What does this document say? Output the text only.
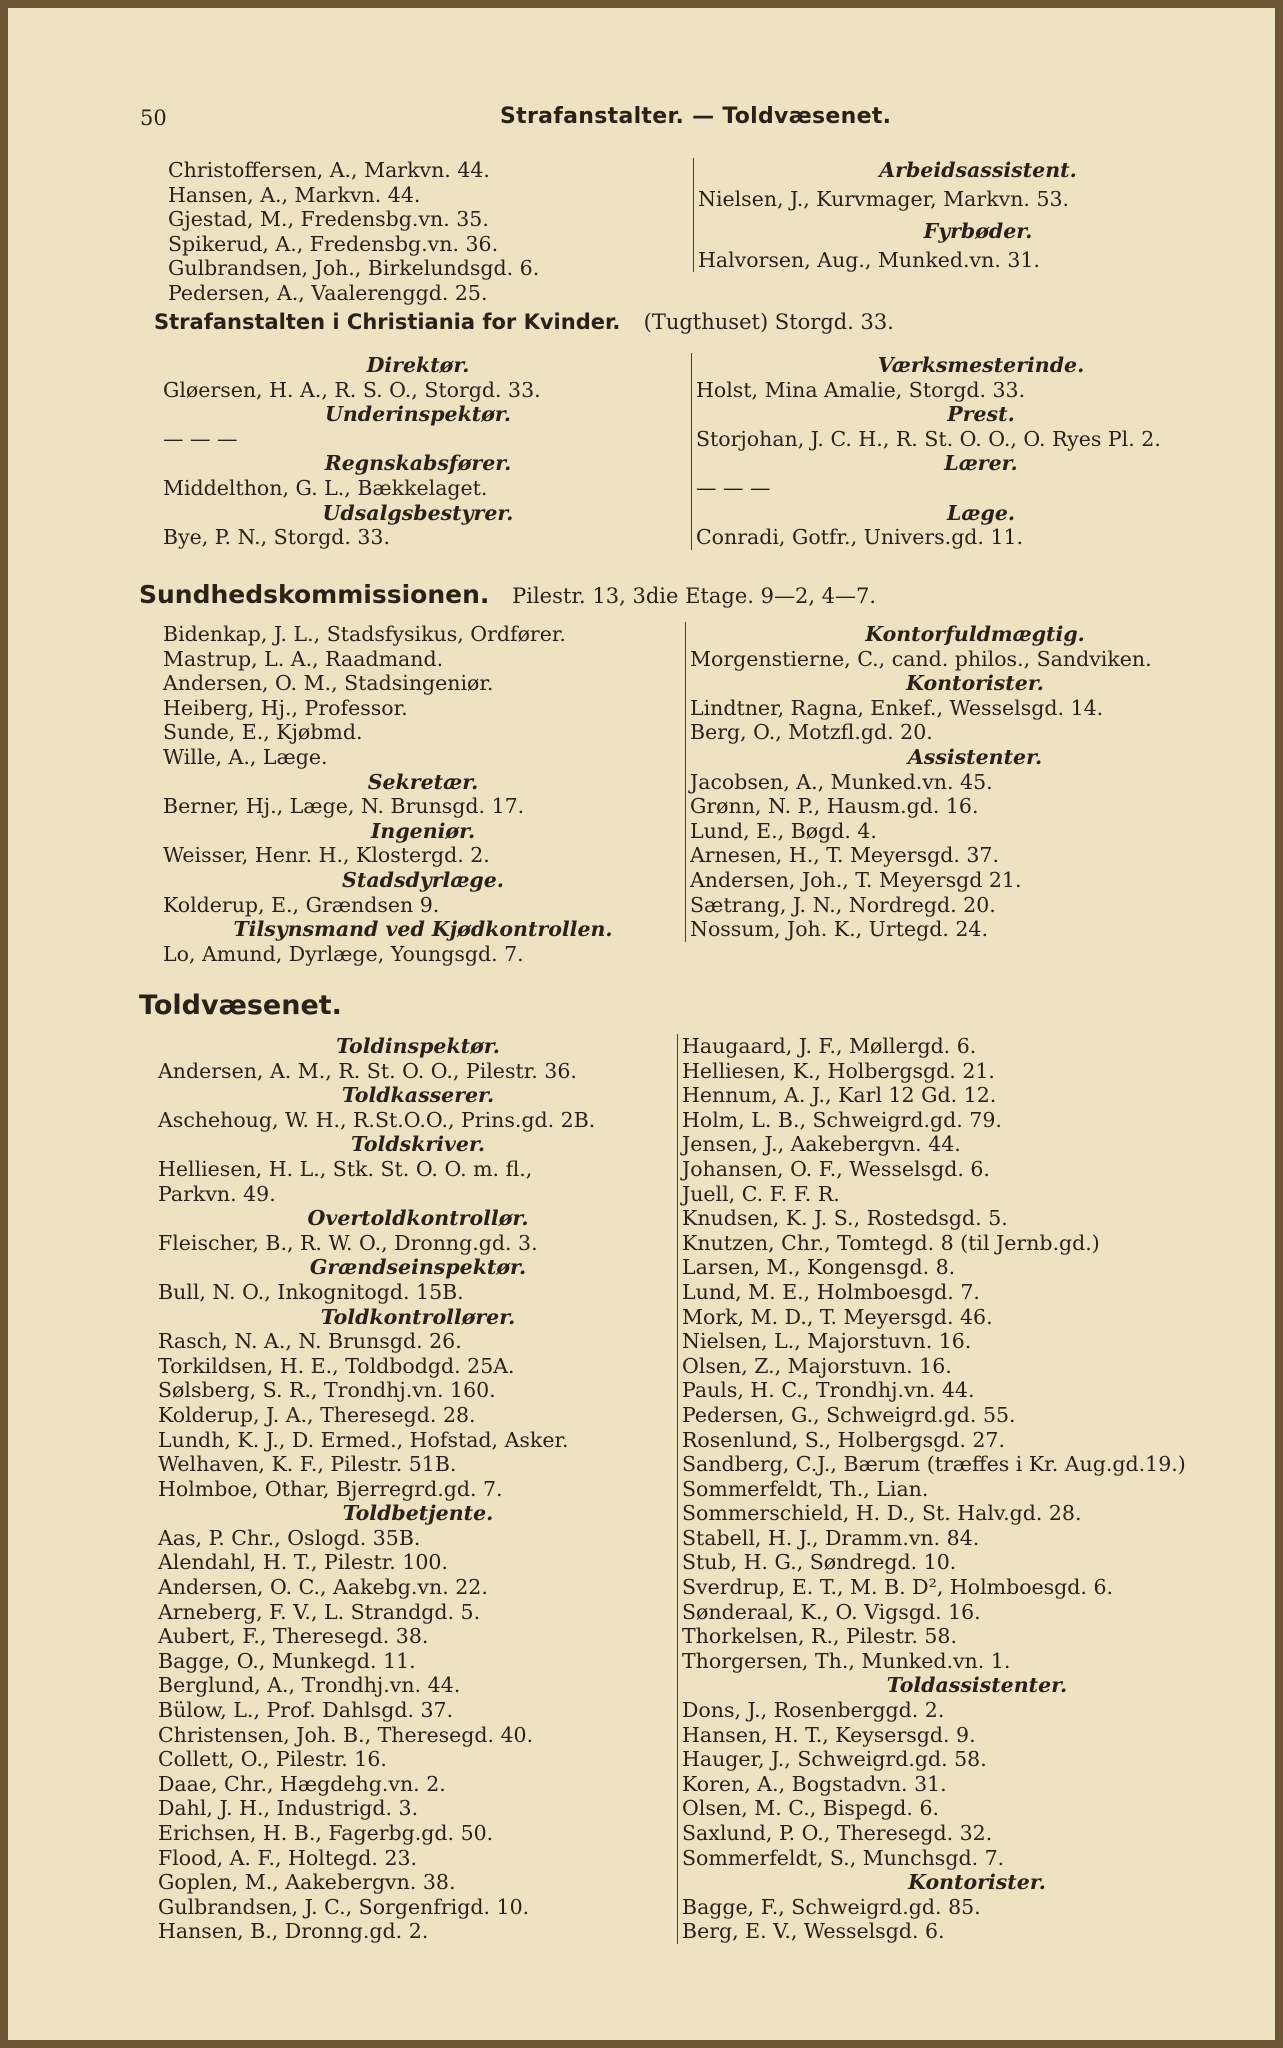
50	Strafanstalter. — Toldvæsenet.
Christoffersen, A., Markvn. 44.
Hansen, A., Markvn. 44.
Gjestad, M., Fredensbg.vn. 35.
Spikerud, A., Fredensbg.vn. 36.
Gulbrandsen, Joh., Birkelundsgd. 6.
Pedersen, A., Vaalerenggd. 25.
Arbeidsassistent.
Nielsen, J., Kurvmager, Markvn. 53.
Fyrbøder.
Halvorsen, Aug., Munked.vn. 31.
Strafanstalten i Christiania for Kvinder. (Tugthuset) Storgd. 33.
Direktør.
Gløersen, H. A., R. S. O., Storgd. 33.
Underinspektør.
— — —
Regnskabsfører.
Middelthon, G. L., Bækkelaget.
Udsalgsbestyrer.
Bye, P. N., Storgd. 33.
Værksmesterinde.
Holst, Mina Amalie, Storgd. 33.
Prest.
Storjohan, J. C. H., R. St. O. O., O. Ryes Pl. 2.
Lærer.
— — —
Læge.
Conradi, Gotfr., Univers.gd. 11.
Sundhedskommissionen. Pilestr. 13, 3die Etage. 9—2, 4—7.
Bidenkap, J. L., Stadsfysikus, Ordfører.
Mastrup, L. A., Raadmand.
Andersen, O. M., Stadsingeniør.
Heiberg, Hj., Professor.
Sunde, E., Kjøbmd.
Wille, A., Læge.
Sekretær.
Berner, Hj., Læge, N. Brunsgd. 17.
Ingeniør.
Weisser, Henr. H., Klostergd. 2.
Stadsdyrlæge.
Kolderup, E., Grændsen 9.
Tilsynsmand ved Kjødkontrollen.
Lo, Amund, Dyrlæge, Youngsgd. 7.
Kontorfuldmægtig.
Morgenstierne, C., cand. philos., Sandviken.
Kontorister.
Lindtner, Ragna, Enkef., Wesselsgd. 14.
Berg, O., Motzfl.gd. 20.
Assistenter.
Jacobsen, A., Munked.vn. 45.
Grønn, N. P., Hausm.gd. 16.
Lund, E., Bøgd. 4.
Arnesen, H., T. Meyersgd. 37.
Andersen, Joh., T. Meyersgd 21.
Sætrang, J. N., Nordregd. 20.
Nossum, Joh. K., Urtegd. 24.
Toldvæsenet.
Toldinspektør.
Andersen, A. M., R. St. O. O., Pilestr. 36.
Toldkasserer.
Aschehoug, W. H., R.St.O.O., Prins.gd. 2B.
Toldskriver.
Helliesen, H. L., Stk. St. O. O. m. fl.,
Parkvn. 49.
Overtoldkontrollør.
Fleischer, B., R. W. O., Dronng.gd. 3.
Grændseinspektør.
Bull, N. O., Inkognitogd. 15B.
Toldkontrollører.
Rasch, N. A., N. Brunsgd. 26.
Torkildsen, H. E., Toldbodgd. 25A.
Sølsberg, S. R., Trondhj.vn. 160.
Kolderup, J. A., Theresegd. 28.
Lundh, K. J., D. Ermed., Hofstad, Asker.
Welhaven, K. F., Pilestr. 51B.
Holmboe, Othar, Bjerregrd.gd. 7.
Toldbetjente.
Aas, P. Chr., Oslogd. 35B.
Alendahl, H. T., Pilestr. 100.
Andersen, O. C., Aakebg.vn. 22.
Arneberg, F. V., L. Strandgd. 5.
Aubert, F., Theresegd. 38.
Bagge, O., Munkegd. 11.
Berglund, A., Trondhj.vn. 44.
Bülow, L., Prof. Dahlsgd. 37.
Christensen, Joh. B., Theresegd. 40.
Collett, O., Pilestr. 16.
Daae, Chr., Hægdehg.vn. 2.
Dahl, J. H., Industrigd. 3.
Erichsen, H. B., Fagerbg.gd. 50.
Flood, A. F., Holtegd. 23.
Goplen, M., Aakebergvn. 38.
Gulbrandsen, J. C., Sorgenfrigd. 10.
Hansen, B., Dronng.gd. 2.
Haugaard, J. F., Møllergd. 6.
Helliesen, K., Holbergsgd. 21.
Hennum, A. J., Karl 12 Gd. 12.
Holm, L. B., Schweigrd.gd. 79.
Jensen, J., Aakebergvn. 44.
Johansen, O. F., Wesselsgd. 6.
Juell, C. F. F. R.
Knudsen, K. J. S., Rostedsgd. 5.
Knutzen, Chr., Tomtegd. 8 (til Jernb.gd.)
Larsen, M., Kongensgd. 8.
Lund, M. E., Holmboesgd. 7.
Mork, M. D., T. Meyersgd. 46.
Nielsen, L., Majorstuvn. 16.
Olsen, Z., Majorstuvn. 16.
Pauls, H. C., Trondhj.vn. 44.
Pedersen, G., Schweigrd.gd. 55.
Rosenlund, S., Holbergsgd. 27.
Sandberg, C.J., Bærum (træffes i Kr. Aug.gd.19.)
Sommerfeldt, Th., Lian.
Sommerschield, H. D., St. Halv.gd. 28.
Stabell, H. J., Dramm.vn. 84.
Stub, H. G., Søndregd. 10.
Sverdrup, E. T., M. B. D², Holmboesgd. 6.
Sønderaal, K., O. Vigsgd. 16.
Thorkelsen, R., Pilestr. 58.
Thorgersen, Th., Munked.vn. 1.
Toldassistenter.
Dons, J., Rosenberggd. 2.
Hansen, H. T., Keysersgd. 9.
Hauger, J., Schweigrd.gd. 58.
Koren, A., Bogstadvn. 31.
Olsen, M. C., Bispegd. 6.
Saxlund, P. O., Theresegd. 32.
Sommerfeldt, S., Munchsgd. 7.
Kontorister.
Bagge, F., Schweigrd.gd. 85.
Berg, E. V., Wesselsgd. 6.
